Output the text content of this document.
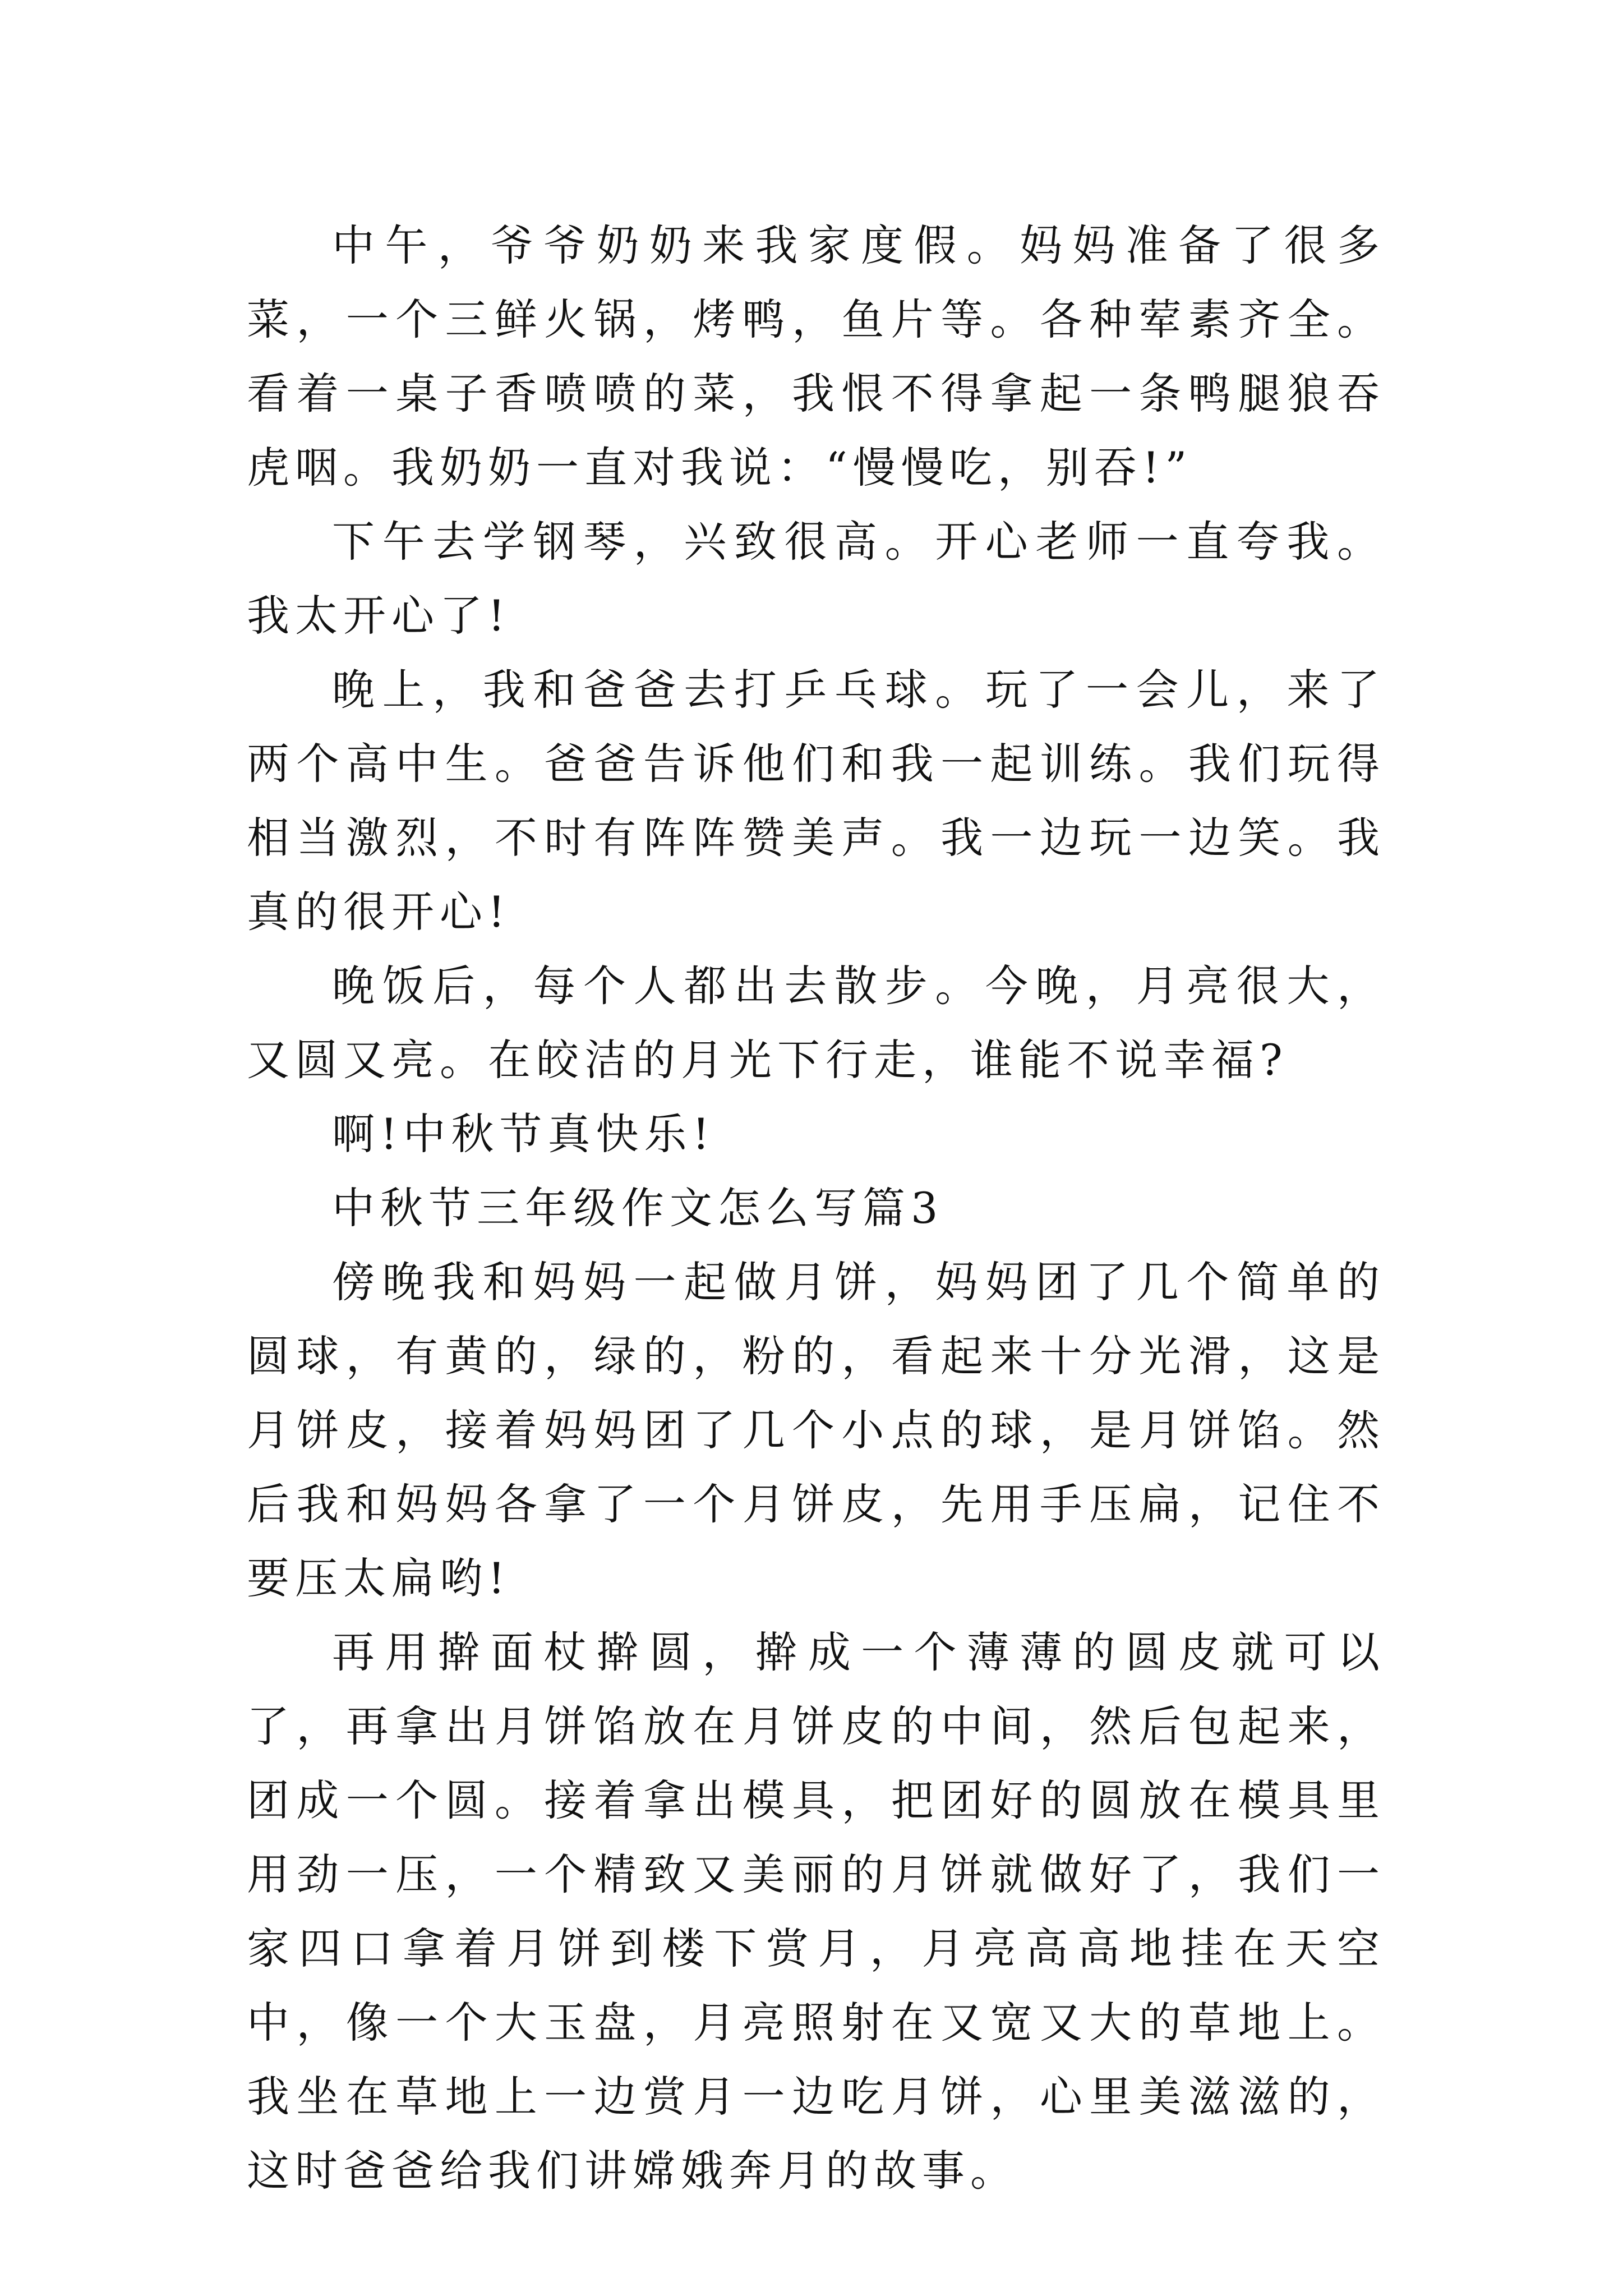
中午，爷爷奶奶来我家度假。妈妈准备了很多菜，一个三鲜火锅，烤鸭，鱼片等。各种荤素齐全。看着一桌子香喷喷的菜，我恨不得拿起一条鸭腿狼吞虎咽。我奶奶一直对我说：“慢慢吃，别吞!”

下午去学钢琴，兴致很高。开心老师一直夸我。我太开心了!

晚上，我和爸爸去打乒乓球。玩了一会儿，来了两个高中生。爸爸告诉他们和我一起训练。我们玩得相当激烈，不时有阵阵赞美声。我一边玩一边笑。我真的很开心!

晚饭后，每个人都出去散步。今晚，月亮很大，又圆又亮。在皎洁的月光下行走，谁能不说幸福?

啊!中秋节真快乐!

中秋节三年级作文怎么写篇3

傍晚我和妈妈一起做月饼，妈妈团了几个简单的圆球，有黄的，绿的，粉的，看起来十分光滑，这是月饼皮，接着妈妈团了几个小点的球，是月饼馅。然后我和妈妈各拿了一个月饼皮，先用手压扁，记住不要压太扁哟!

再用擀面杖擀圆，擀成一个薄薄的圆皮就可以了，再拿出月饼馅放在月饼皮的中间，然后包起来，团成一个圆。接着拿出模具，把团好的圆放在模具里用劲一压，一个精致又美丽的月饼就做好了，我们一家四口拿着月饼到楼下赏月，月亮高高地挂在天空中，像一个大玉盘，月亮照射在又宽又大的草地上。我坐在草地上一边赏月一边吃月饼，心里美滋滋的，这时爸爸给我们讲嫦娥奔月的故事。
